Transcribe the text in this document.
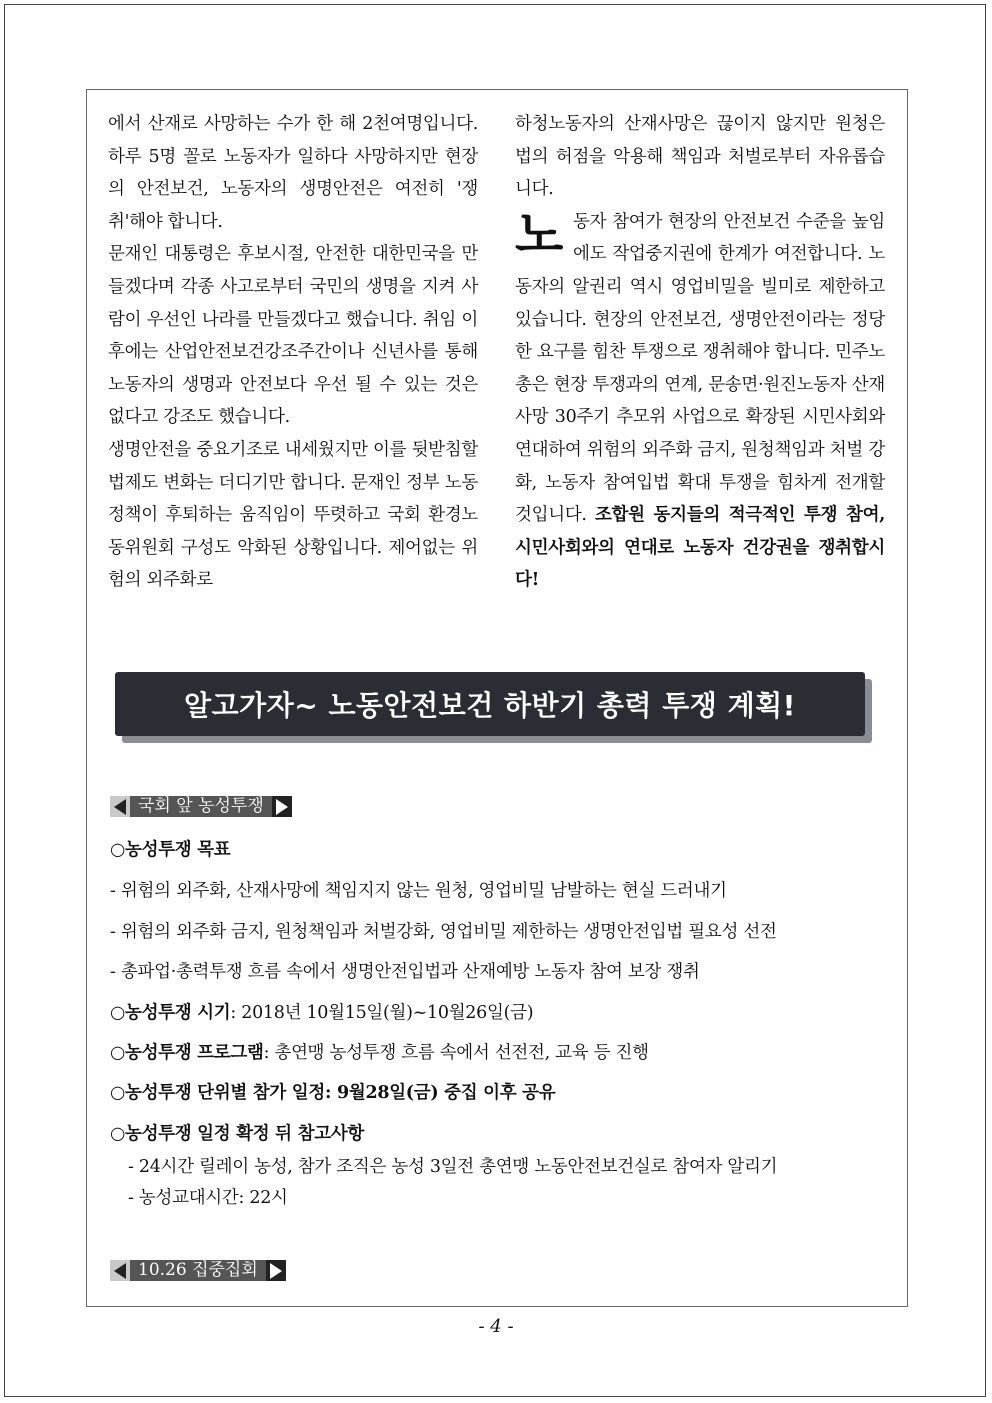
에서 산재로 사망하는 수가 한 해 2천여명입니다. 하루 5명 꼴로 노동자가 일하다 사망하지만 현장의 안전보건, 노동자의 생명안전은 여전히 '쟁취'해야 합니다.

문재인 대통령은 후보시절, 안전한 대한민국을 만들겠다며 각종 사고로부터 국민의 생명을 지켜 사람이 우선인 나라를 만들겠다고 했습니다. 취임 이후에는 산업안전보건강조주간이나 신년사를 통해 노동자의 생명과 안전보다 우선 될 수 있는 것은 없다고 강조도 했습니다.

생명안전을 중요기조로 내세웠지만 이를 뒷받침할 법제도 변화는 더디기만 합니다. 문재인 정부 노동정책이 후퇴하는 움직임이 뚜렷하고 국회 환경노동위원회 구성도 악화된 상황입니다. 제어없는 위험의 외주화로

하청노동자의 산재사망은 끊이지 않지만 원청은 법의 허점을 악용해 책임과 처벌로부터 자유롭습니다.

노동자 참여가 현장의 안전보건 수준을 높임에도 작업중지권에 한계가 여전합니다. 노동자의 알권리 역시 영업비밀을 빌미로 제한하고 있습니다. 현장의 안전보건, 생명안전이라는 정당한 요구를 힘찬 투쟁으로 쟁취해야 합니다. 민주노총은 현장 투쟁과의 연계, 문송면·원진노동자 산재사망 30주기 추모위 사업으로 확장된 시민사회와 연대하여 위험의 외주화 금지, 원청책임과 처벌 강화, 노동자 참여입법 확대 투쟁을 힘차게 전개할 것입니다. 조합원 동지들의 적극적인 투쟁 참여, 시민사회와의 연대로 노동자 건강권을 쟁취합시다!

알고가자~ 노동안전보건 하반기 총력 투쟁 계획!
국회 앞 농성투쟁
○농성투쟁 목표
- 위험의 외주화, 산재사망에 책임지지 않는 원청, 영업비밀 남발하는 현실 드러내기
- 위험의 외주화 금지, 원청책임과 처벌강화, 영업비밀 제한하는 생명안전입법 필요성 선전
- 총파업·총력투쟁 흐름 속에서 생명안전입법과 산재예방 노동자 참여 보장 쟁취
○농성투쟁 시기: 2018년 10월15일(월)~10월26일(금)
○농성투쟁 프로그램: 총연맹 농성투쟁 흐름 속에서 선전전, 교육 등 진행
○농성투쟁 단위별 참가 일정: 9월28일(금) 중집 이후 공유
○농성투쟁 일정 확정 뒤 참고사항
- 24시간 릴레이 농성, 참가 조직은 농성 3일전 총연맹 노동안전보건실로 참여자 알리기
- 농성교대시간: 22시
10.26 집중집회
- 4 -
